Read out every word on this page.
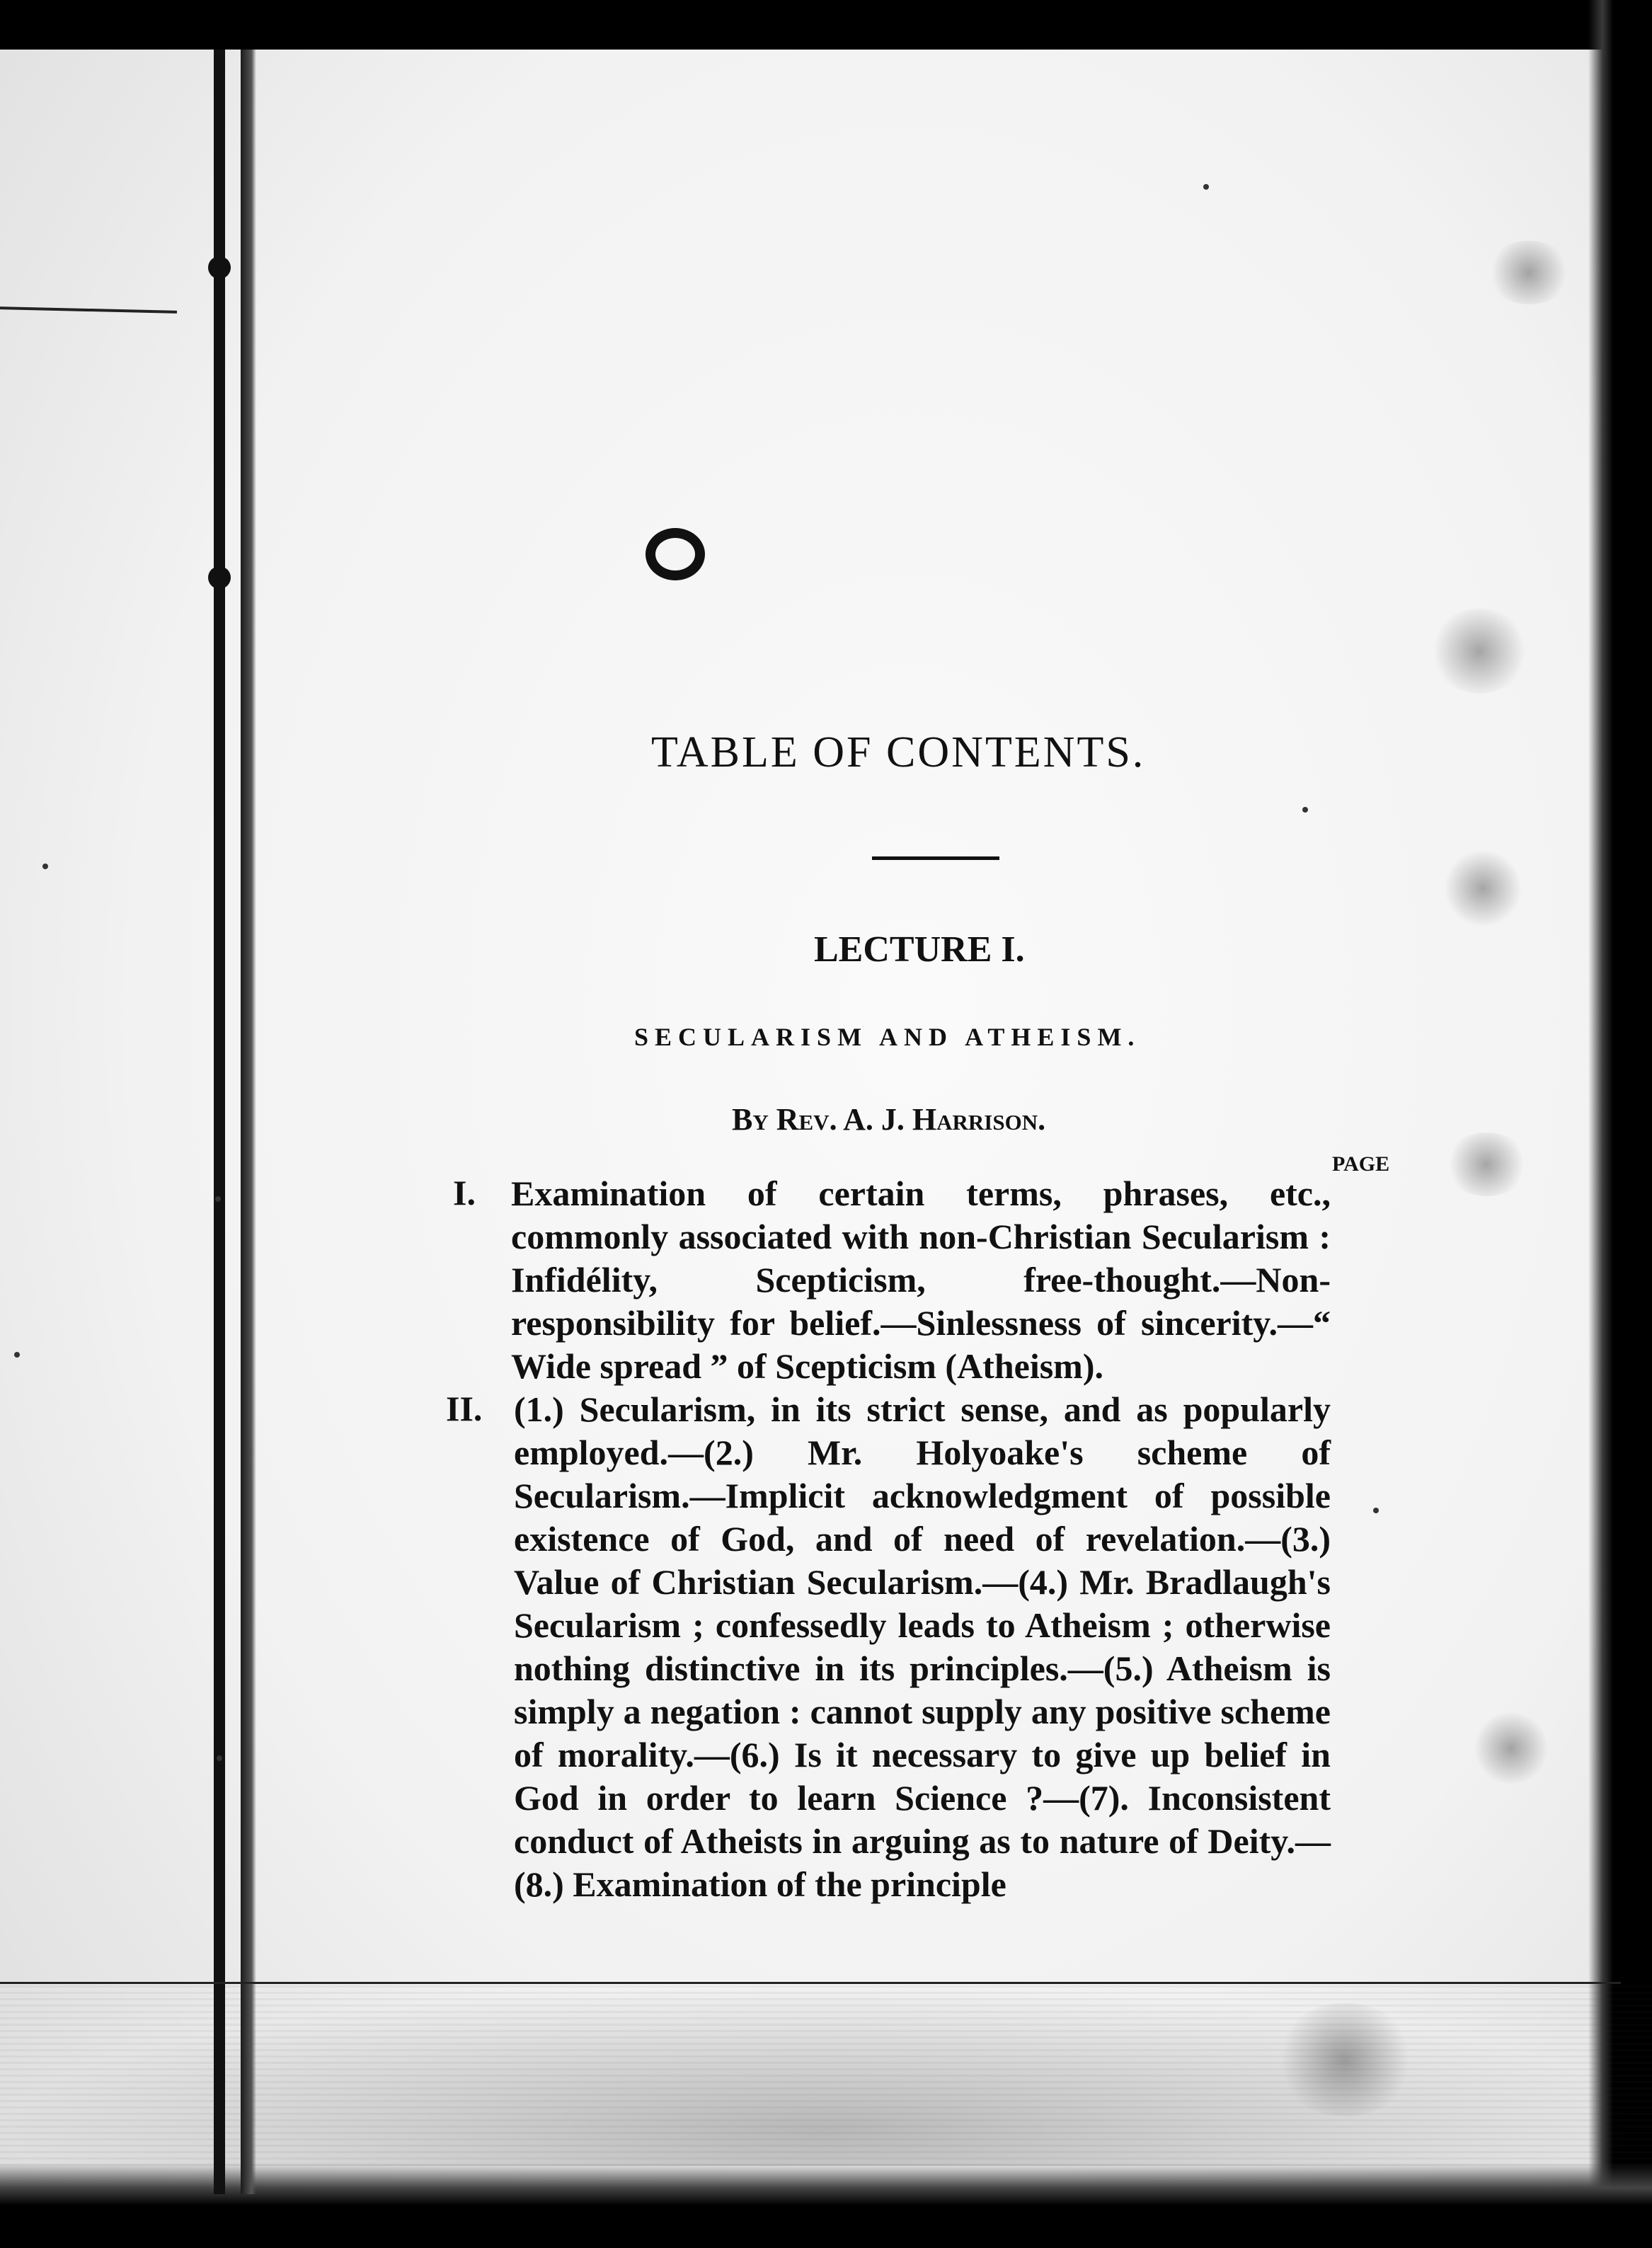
TABLE OF CONTENTS.
LECTURE I.
SECULARISM AND ATHEISM.

By Rev. A. J. Harrison.

PAGE
I. Examination of certain terms, phrases, etc., commonly associated with non-Christian Secularism : Infidélity, Scepticism, free-thought.—Non-responsibility for belief.—Sinlessness of sincerity.—“ Wide spread ” of Scepticism (Atheism).
II. (1.) Secularism, in its strict sense, and as popularly employed.—(2.) Mr. Holyoake's scheme of Secularism.—Implicit acknowledgment of possible existence of God, and of need of revelation.—(3.) Value of Christian Secularism.—(4.) Mr. Bradlaugh's Secularism ; confessedly leads to Atheism ; otherwise nothing distinctive in its principles.—(5.) Atheism is simply a negation : cannot supply any positive scheme of morality.—(6.) Is it necessary to give up belief in God in order to learn Science ?—(7). Inconsistent conduct of Atheists in arguing as to nature of Deity.—(8.) Examination of the principle
